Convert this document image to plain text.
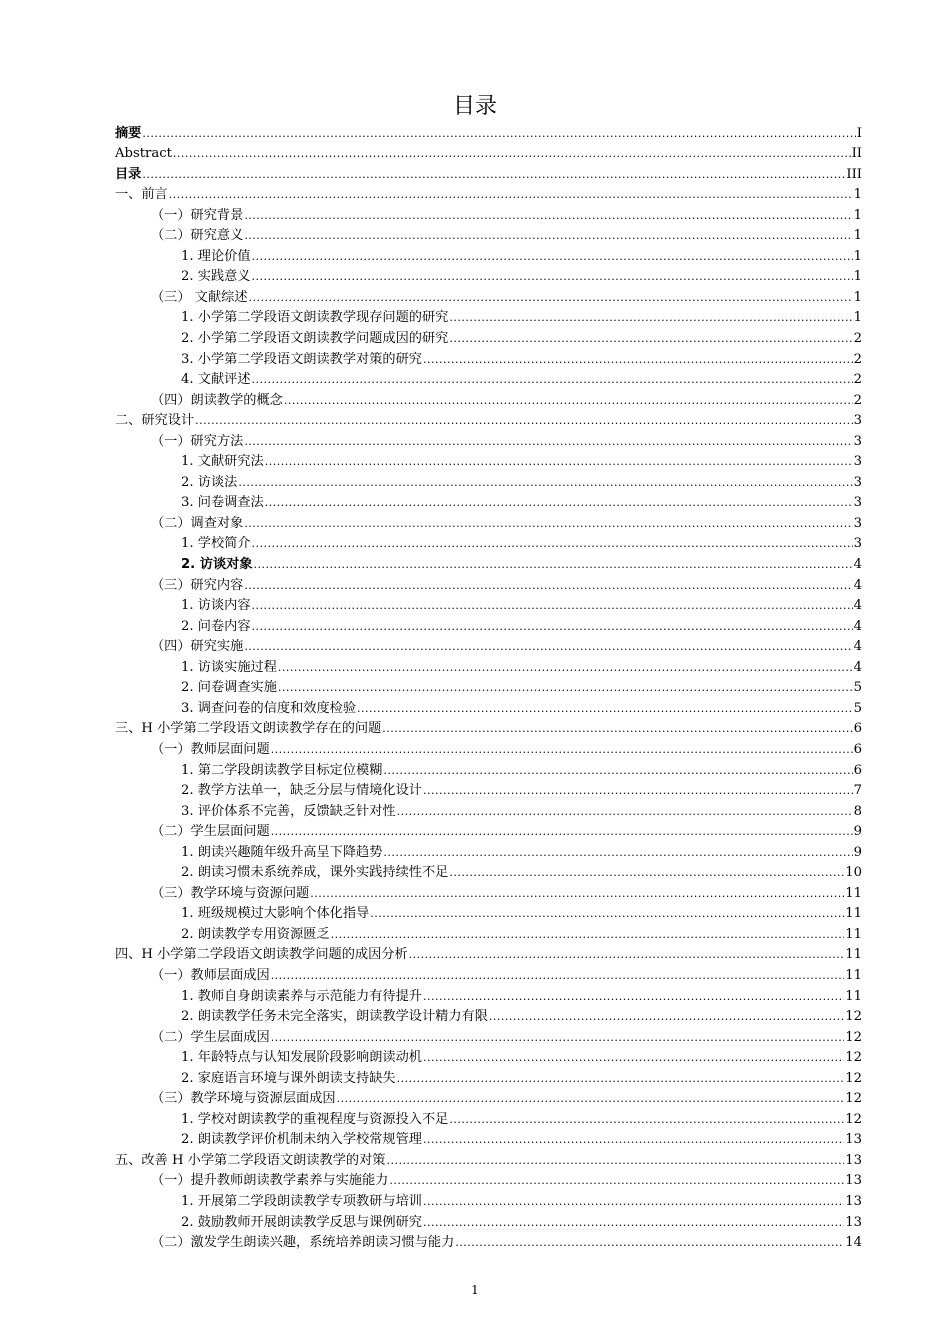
目录
摘要 .....	I
Abstract .....	II
目录 .....	III
一、前言 .....	1
（一）研究背景 .....	1
（二）研究意义 .....	1
1. 理论价值 .....	1
2. 实践意义 .....	1
（三） 文献综述 .....	1
1. 小学第二学段语文朗读教学现存问题的研究 .....	1
2. 小学第二学段语文朗读教学问题成因的研究 .....	2
3. 小学第二学段语文朗读教学对策的研究 .....	2
4. 文献评述 .....	2
（四）朗读教学的概念 .....	2
二、研究设计 .....	3
（一）研究方法 .....	3
1. 文献研究法 .....	3
2. 访谈法 .....	3
3. 问卷调查法 .....	3
（二）调查对象 .....	3
1. 学校简介 .....	3
2. 访谈对象 .....	4
（三）研究内容 .....	4
1. 访谈内容 .....	4
2. 问卷内容 .....	4
（四）研究实施 .....	4
1. 访谈实施过程 .....	4
2. 问卷调查实施 .....	5
3. 调查问卷的信度和效度检验 .....	5
三、H 小学第二学段语文朗读教学存在的问题 .....	6
（一）教师层面问题 .....	6
1. 第二学段朗读教学目标定位模糊 .....	6
2. 教学方法单一，缺乏分层与情境化设计 .....	7
3. 评价体系不完善，反馈缺乏针对性 .....	8
（二）学生层面问题 .....	9
1. 朗读兴趣随年级升高呈下降趋势 .....	9
2. 朗读习惯未系统养成，课外实践持续性不足 .....	10
（三）教学环境与资源问题 .....	11
1. 班级规模过大影响个体化指导 .....	11
2. 朗读教学专用资源匮乏 .....	11
四、H 小学第二学段语文朗读教学问题的成因分析 .....	11
（一）教师层面成因 .....	11
1. 教师自身朗读素养与示范能力有待提升 .....	11
2. 朗读教学任务未完全落实，朗读教学设计精力有限 .....	12
（二）学生层面成因 .....	12
1. 年龄特点与认知发展阶段影响朗读动机 .....	12
2. 家庭语言环境与课外朗读支持缺失 .....	12
（三）教学环境与资源层面成因 .....	12
1. 学校对朗读教学的重视程度与资源投入不足 .....	12
2. 朗读教学评价机制未纳入学校常规管理 .....	13
五、改善 H 小学第二学段语文朗读教学的对策 .....	13
（一）提升教师朗读教学素养与实施能力 .....	13
1. 开展第二学段朗读教学专项教研与培训 .....	13
2. 鼓励教师开展朗读教学反思与课例研究 .....	13
（二）激发学生朗读兴趣，系统培养朗读习惯与能力 .....	14
1
